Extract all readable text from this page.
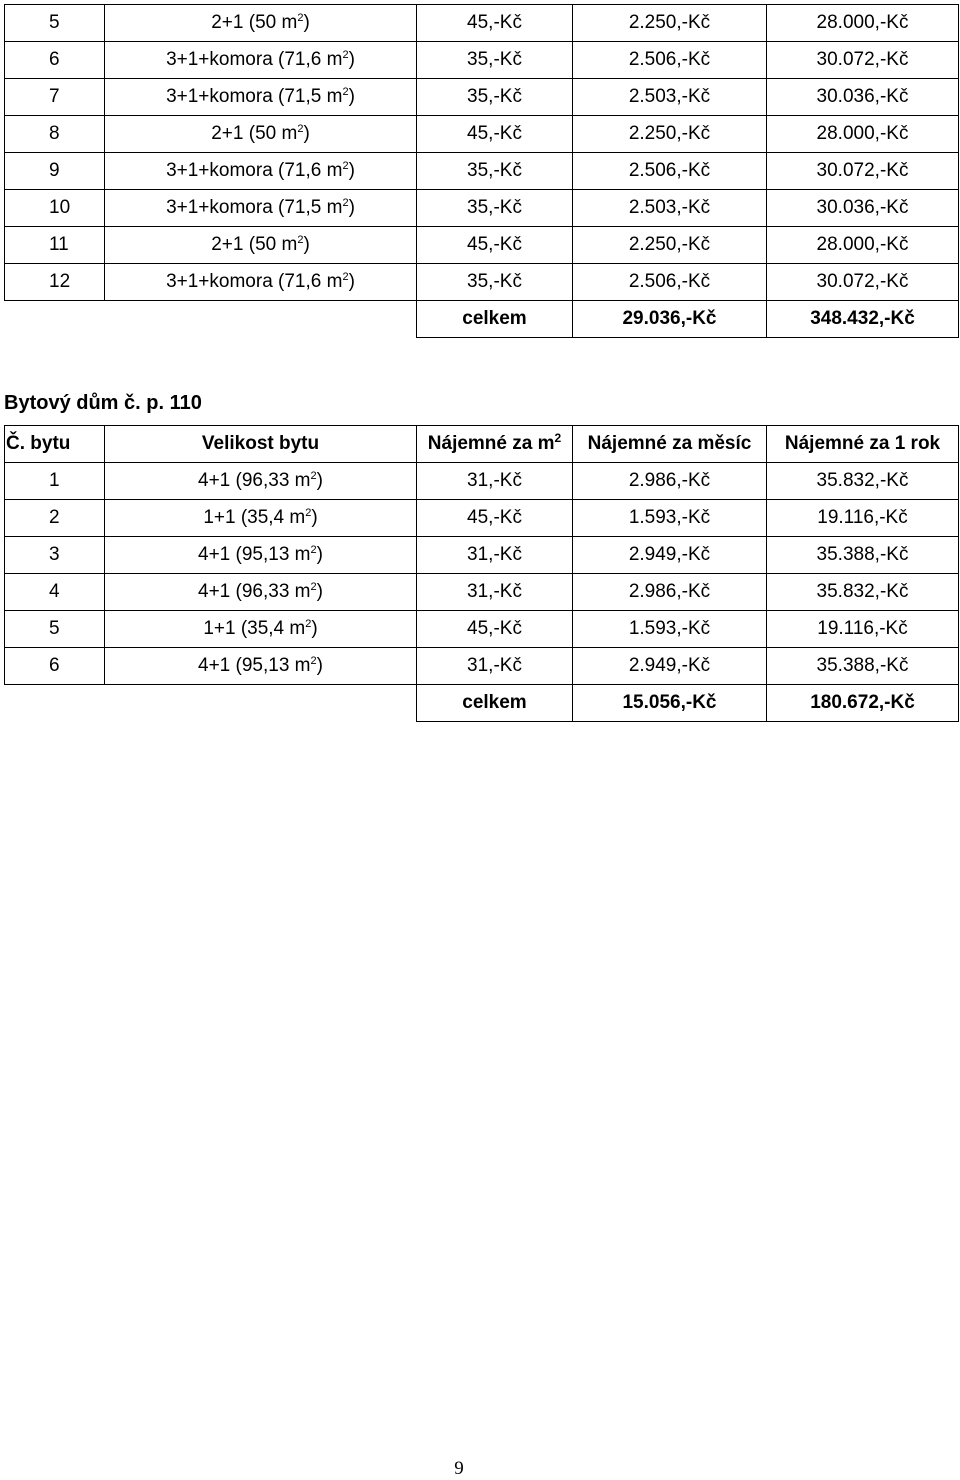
5	2+1 (50 $m^2$)	45,-Kč	2.250,-Kč	28.000,-Kč
6	3+1+komora (71,6 $m^2$)	35,-Kč	2.506,-Kč	30.072,-Kč
7	3+1+komora (71,5 $m^2$)	35,-Kč	2.503,-Kč	30.036,-Kč
8	2+1 (50 $m^2$)	45,-Kč	2.250,-Kč	28.000,-Kč
9	3+1+komora (71,6 $m^2$)	35,-Kč	2.506,-Kč	30.072,-Kč
10	3+1+komora (71,5 $m^2$)	35,-Kč	2.503,-Kč	30.036,-Kč
11	2+1 (50 $m^2$)	45,-Kč	2.250,-Kč	28.000,-Kč
12	3+1+komora (71,6 $m^2$)	35,-Kč	2.506,-Kč	30.072,-Kč
		celkem	29.036,-Kč	348.432,-Kč
Bytový dům č. p. 110
Č. bytu	Velikost bytu	Nájemné za $m^2$	Nájemné za měsíc	Nájemné za 1 rok
1	4+1 (96,33 $m^2$)	31,-Kč	2.986,-Kč	35.832,-Kč
2	1+1 (35,4 $m^2$)	45,-Kč	1.593,-Kč	19.116,-Kč
3	4+1 (95,13 $m^2$)	31,-Kč	2.949,-Kč	35.388,-Kč
4	4+1 (96,33 $m^2$)	31,-Kč	2.986,-Kč	35.832,-Kč
5	1+1 (35,4 $m^2$)	45,-Kč	1.593,-Kč	19.116,-Kč
6	4+1 (95,13 $m^2$)	31,-Kč	2.949,-Kč	35.388,-Kč
		celkem	15.056,-Kč	180.672,-Kč
9
